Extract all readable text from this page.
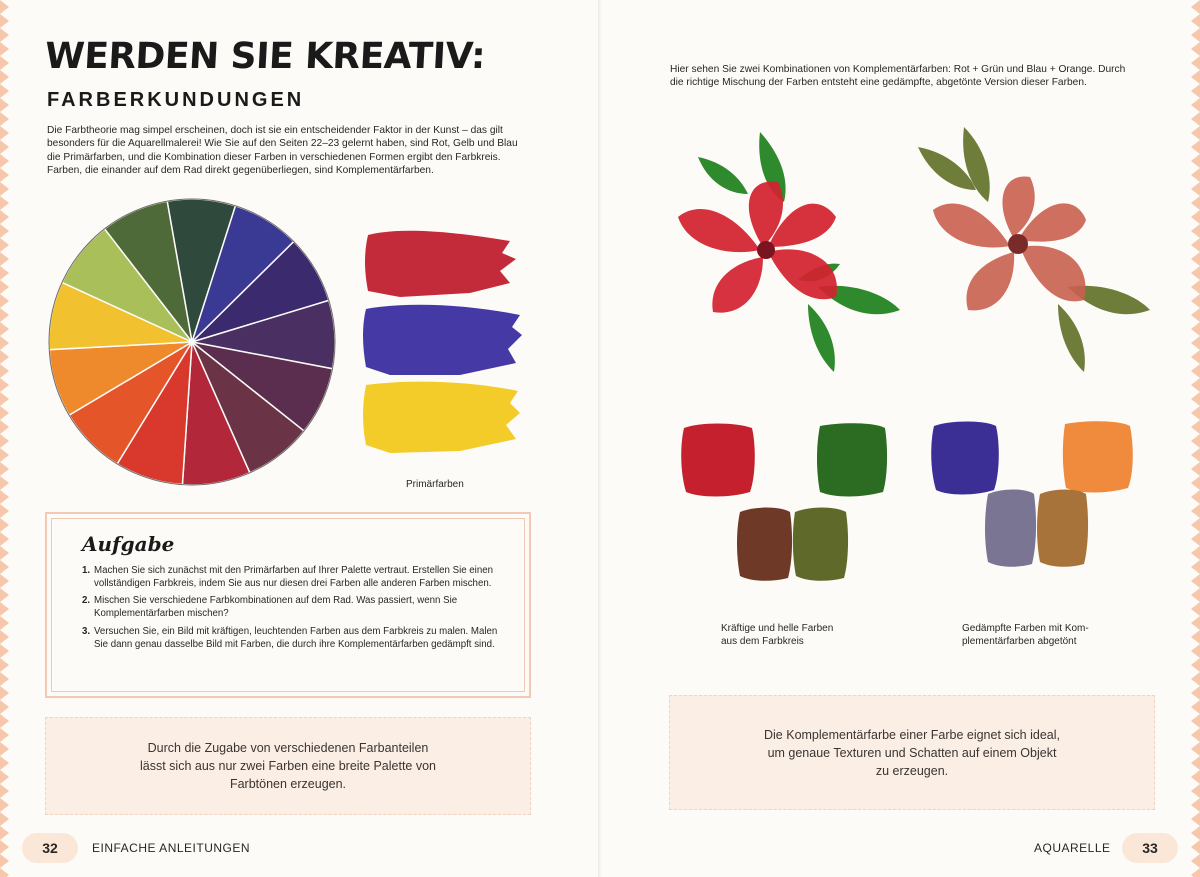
WERDEN SIE KREATIV:
FARBERKUNDUNGEN
Die Farbtheorie mag simpel erscheinen, doch ist sie ein entscheidender Faktor in der Kunst – das gilt besonders für die Aquarellmalerei! Wie Sie auf den Seiten 22–23 gelernt haben, sind Rot, Gelb und Blau die Primärfarben, und die Kombination dieser Farben in verschiedenen Formen ergibt den Farbkreis. Farben, die einander auf dem Rad direkt gegenüberliegen, sind Komplementärfarben.
Primärfarben
Aufgabe
1. Machen Sie sich zunächst mit den Primärfarben auf Ihrer Palette vertraut. Erstellen Sie einen vollständigen Farbkreis, indem Sie aus nur diesen drei Farben alle anderen Farben mischen.
2. Mischen Sie verschiedene Farbkombinationen auf dem Rad. Was passiert, wenn Sie Komplementärfarben mischen?
3. Versuchen Sie, ein Bild mit kräftigen, leuchtenden Farben aus dem Farbkreis zu malen. Malen Sie dann genau dasselbe Bild mit Farben, die durch ihre Komplementärfarben gedämpft sind.
Durch die Zugabe von verschiedenen Farbanteilen
lässt sich aus nur zwei Farben eine breite Palette von
Farbtönen erzeugen.
32	EINFACHE ANLEITUNGEN
Hier sehen Sie zwei Kombinationen von Komplementärfarben: Rot + Grün und Blau + Orange. Durch die richtige Mischung der Farben entsteht eine gedämpfte, abgetönte Version dieser Farben.
Kräftige und helle Farben
aus dem Farbkreis
Gedämpfte Farben mit Kom-
plementärfarben abgetönt
Die Komplementärfarbe einer Farbe eignet sich ideal,
um genaue Texturen und Schatten auf einem Objekt
zu erzeugen.
AQUARELLE	33
